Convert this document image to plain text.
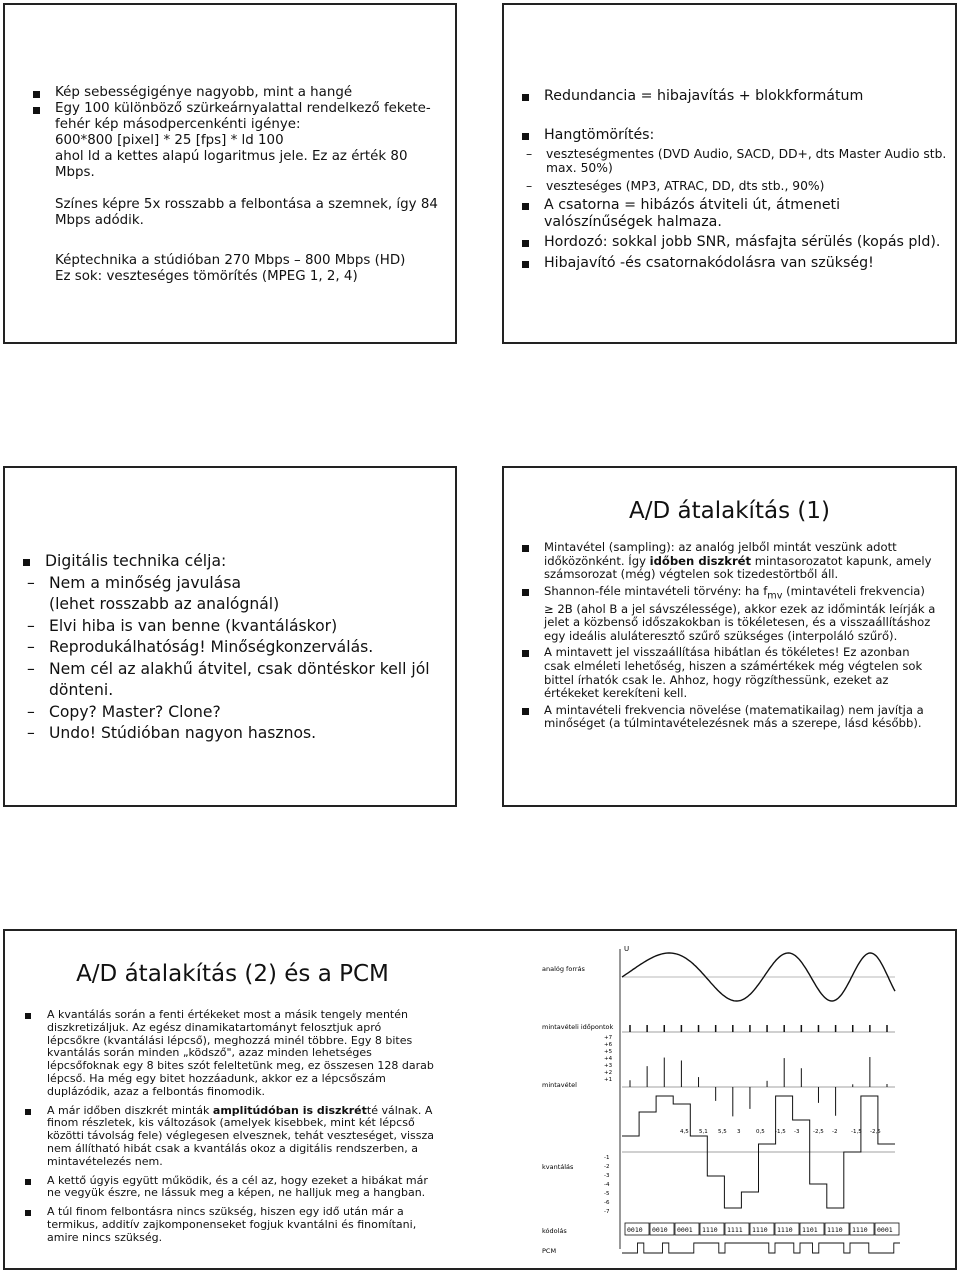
Kép sebességigénye nagyobb, mint a hangé
Egy 100 különböző szürkeárnyalattal rendelkező fekete-fehér kép másodpercenkénti igénye:
600*800 [pixel] * 25 [fps] * ld 100
ahol ld a kettes alapú logaritmus jele. Ez az érték 80 Mbps.
Színes képre 5x rosszabb a felbontása a szemnek, így 84 Mbps adódik.
Képtechnika a stúdióban 270 Mbps – 800 Mbps (HD)
Ez sok: veszteséges tömörítés (MPEG 1, 2, 4)
Redundancia = hibajavítás + blokkformátum
Hangtömörítés:
– veszteségmentes (DVD Audio, SACD, DD+, dts Master Audio stb. max. 50%)
– veszteséges (MP3, ATRAC, DD, dts stb., 90%)
A csatorna = hibázós átviteli út, átmeneti valószínűségek halmaza.
Hordozó: sokkal jobb SNR, másfajta sérülés (kopás pld).
Hibajavító -és csatornakódolásra van szükség!
Digitális technika célja:
– Nem a minőség javulása
(lehet rosszabb az analógnál)
– Elvi hiba is van benne (kvantáláskor)
– Reprodukálhatóság! Minőségkonzerválás.
– Nem cél az alakhű átvitel, csak döntéskor kell jól dönteni.
– Copy? Master? Clone?
– Undo! Stúdióban nagyon hasznos.
A/D átalakítás (1)
Mintavétel (sampling): az analóg jelből mintát veszünk adott időközönként. Így időben diszkrét mintasorozatot kapunk, amely számsorozat (még) végtelen sok tizedestörtből áll.
Shannon-féle mintavételi törvény: ha $f_{mv}$ (mintavételi frekvencia) ≥ 2B (ahol B a jel sávszélessége), akkor ezek az időminták leírják a jelet a közbenső időszakokban is tökéletesen, és a visszaállításhoz egy ideális aluláteresztő szűrő szükséges (interpoláló szűrő).
A mintavett jel visszaállítása hibátlan és tökéletes! Ez azonban csak elméleti lehetőség, hiszen a számértékek még végtelen sok bittel írhatók csak le. Ahhoz, hogy rögzíthessünk, ezeket az értékeket kerekíteni kell.
A mintavételi frekvencia növelése (matematikailag) nem javítja a minőséget (a túlmintavételezésnek más a szerepe, lásd később).
A/D átalakítás (2) és a PCM
A kvantálás során a fenti értékeket most a másik tengely mentén diszkretizáljuk. Az egész dinamikatartományt felosztjuk apró lépcsőkre (kvantálási lépcső), meghozzá minél többre. Egy 8 bites kvantálás során minden „ködsző", azaz minden lehetséges lépcsőfoknak egy 8 bites szót feleltetünk meg, ez összesen 128 darab lépcső. Ha még egy bitet hozzáadunk, akkor ez a lépcsőszám duplázódik, azaz a felbontás finomodik.
A már időben diszkrét minták amplitúdóban is diszkrétté válnak. A finom részletek, kis változások (amelyek kisebbek, mint két lépcső közötti távolság fele) véglegesen elvesznek, tehát veszteséget, vissza nem állítható hibát csak a kvantálás okoz a digitális rendszerben, a mintavételezés nem.
A kettő úgyis együtt működik, és a cél az, hogy ezeket a hibákat már ne vegyük észre, ne lássuk meg a képen, ne halljuk meg a hangban.
A túl finom felbontásra nincs szükség, hiszen egy idő után már a termikus, additív zajkomponenseket fogjuk kvantálni és finomítani, amire nincs szükség.
U
analóg forrás
mintavételi időpontok
mintavétel
kvantálás
kódolás
PCM
+7
+6
+5
+4
+3
+2
+1
-1
-2
-3
-4
-5
-6
-7
4,5 5,1 5,5 3	0,5 -1,5 -3 -2,5 -2 -1,5 -2,5
0010 0010 0001 1110 1111 1110 1110 1101 1110 1110 0001
